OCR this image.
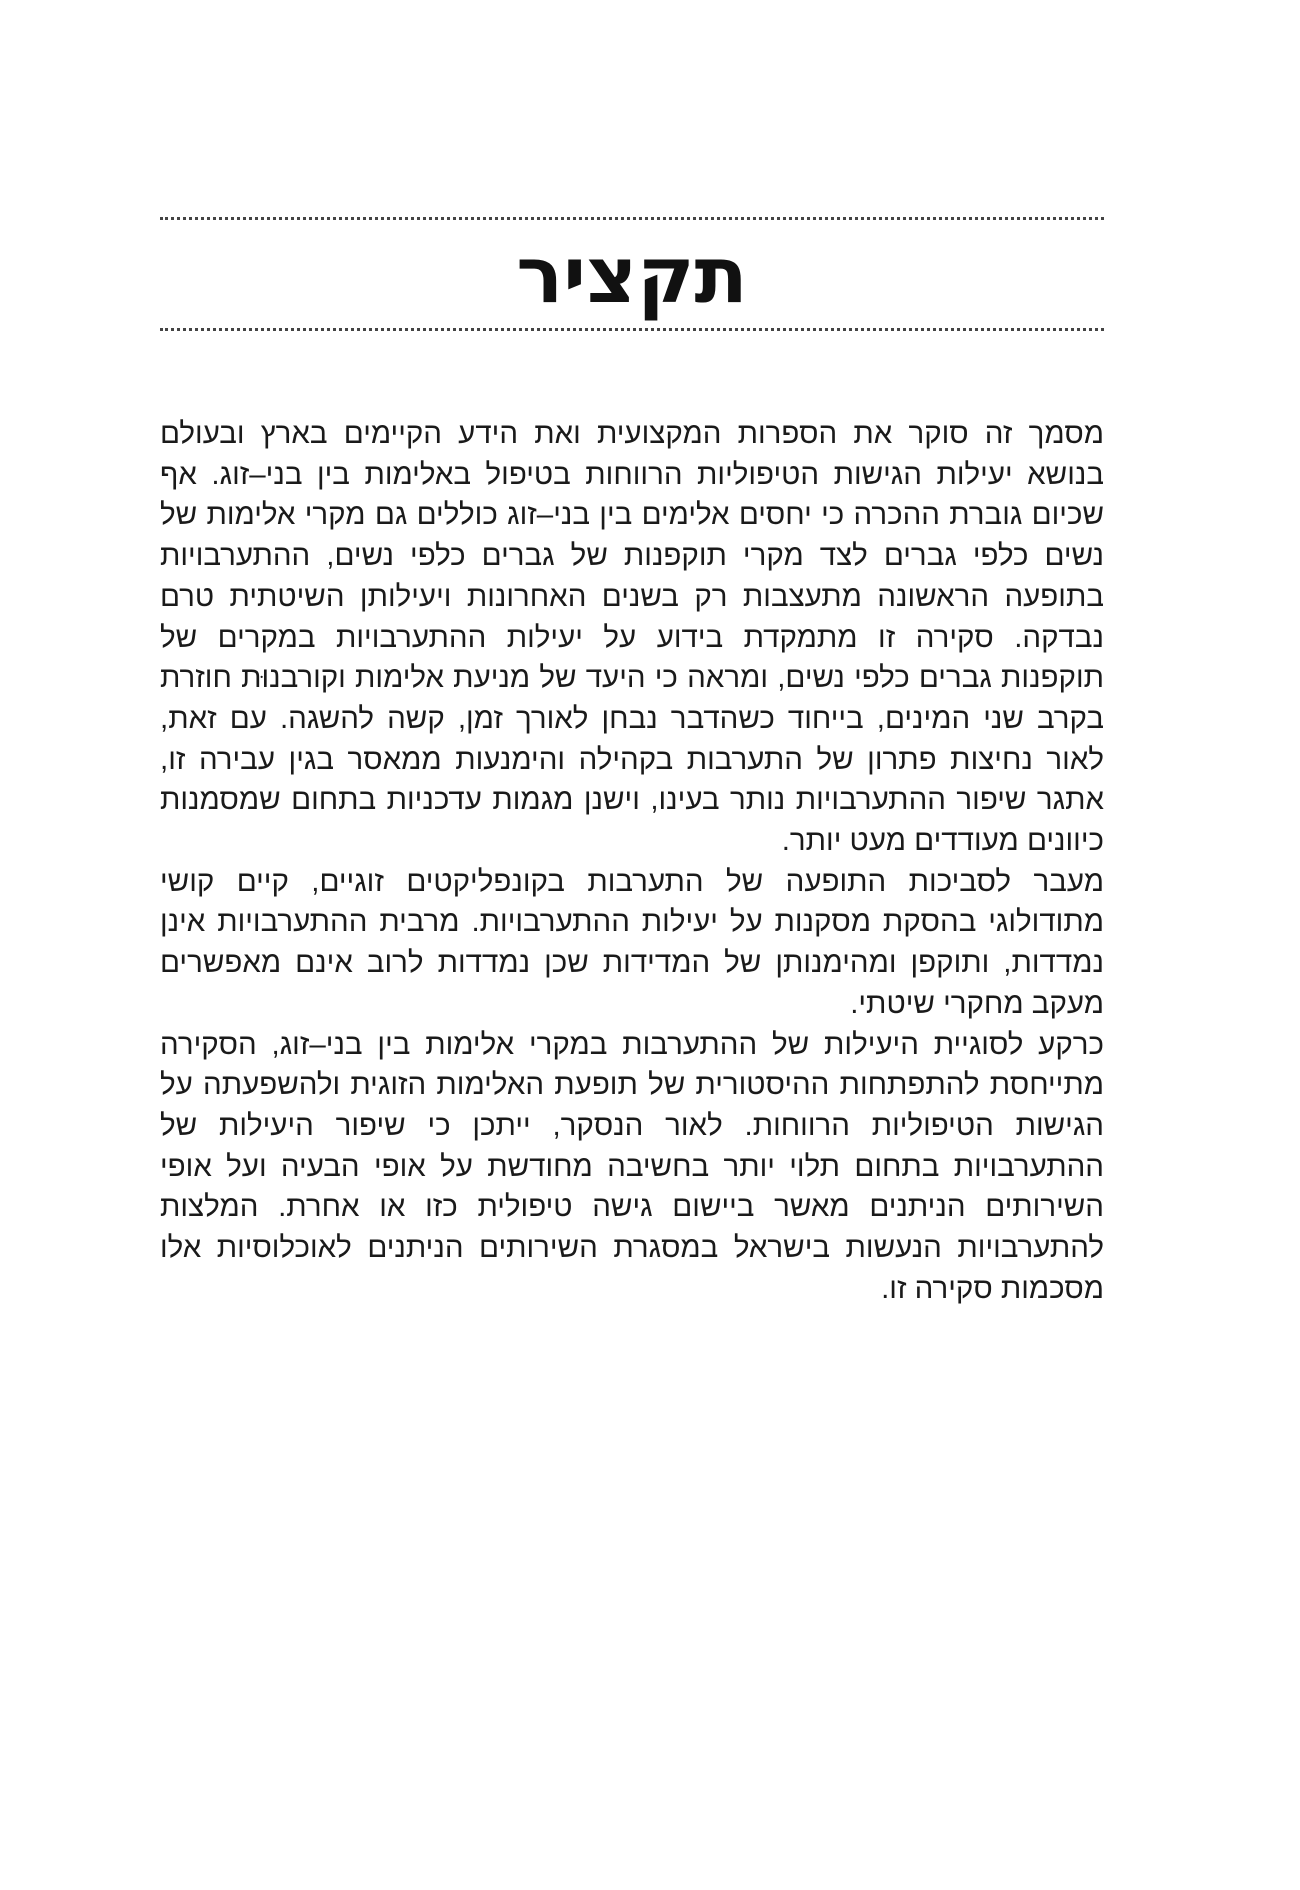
תקציר

מסמך זה סוקר את הספרות המקצועית ואת הידע הקיימים בארץ ובעולם בנושא יעילות הגישות הטיפוליות הרווחות בטיפול באלימות בין בני–זוג. אף שכיום גוברת ההכרה כי יחסים אלימים בין בני–זוג כוללים גם מקרי אלימות של נשים כלפי גברים לצד מקרי תוקפנות של גברים כלפי נשים, ההתערבויות בתופעה הראשונה מתעצבות רק בשנים האחרונות ויעילותן השיטתית טרם נבדקה. סקירה זו מתמקדת בידוע על יעילות ההתערבויות במקרים של תוקפנות גברים כלפי נשים, ומראה כי היעד של מניעת אלימות וקורבנוּת חוזרת בקרב שני המינים, בייחוד כשהדבר נבחן לאורך זמן, קשה להשגה. עם זאת, לאור נחיצות פתרון של התערבות בקהילה והימנעות ממאסר בגין עבירה זו, אתגר שיפור ההתערבויות נותר בעינו, וישנן מגמות עדכניות בתחום שמסמנות כיוונים מעודדים מעט יותר.

מעבר לסביכות התופעה של התערבות בקונפליקטים זוגיים, קיים קושי מתודולוגי בהסקת מסקנות על יעילות ההתערבויות. מרבית ההתערבויות אינן נמדדות, ותוקפן ומהימנותן של המדידות שכן נמדדות לרוב אינם מאפשרים מעקב מחקרי שיטתי.

כרקע לסוגיית היעילות של ההתערבות במקרי אלימות בין בני–זוג, הסקירה מתייחסת להתפתחות ההיסטורית של תופעת האלימות הזוגית ולהשפעתה על הגישות הטיפוליות הרווחות. לאור הנסקר, ייתכן כי שיפור היעילות של ההתערבויות בתחום תלוי יותר בחשיבה מחודשת על אופי הבעיה ועל אופי השירותים הניתנים מאשר ביישום גישה טיפולית כזו או אחרת. המלצות להתערבויות הנעשות בישראל במסגרת השירותים הניתנים לאוכלוסיות אלו מסכמות סקירה זו.
